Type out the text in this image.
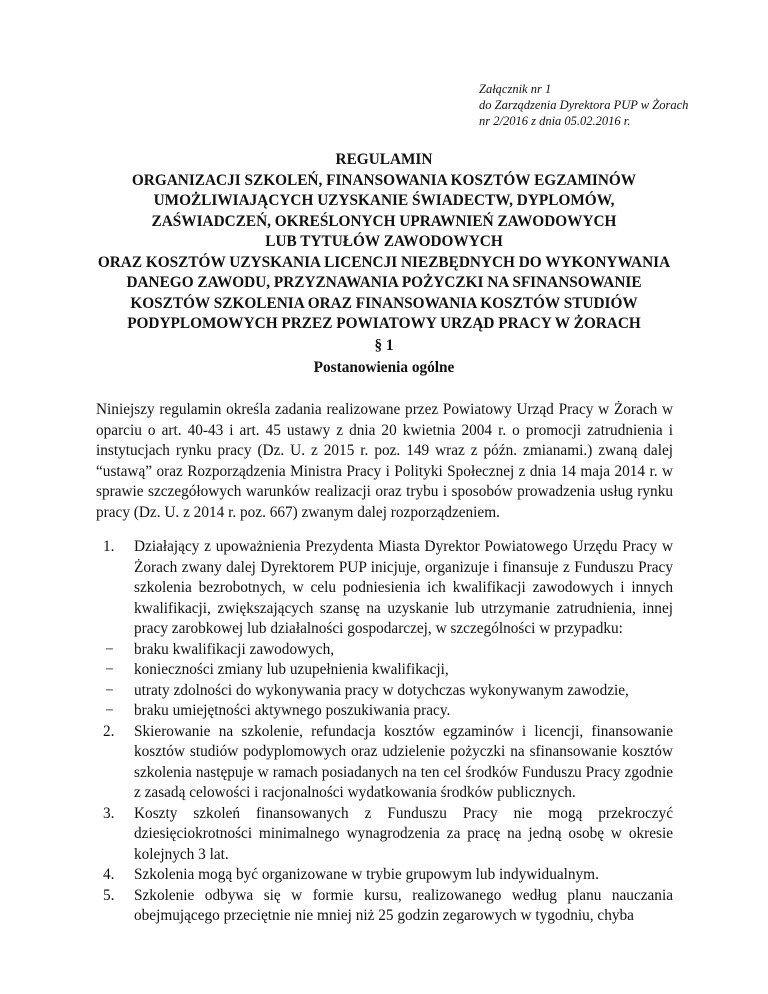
Załącznik nr 1
do Zarządzenia Dyrektora PUP w Żorach
nr 2/2016 z dnia 05.02.2016 r.
REGULAMIN
ORGANIZACJI SZKOLEŃ, FINANSOWANIA KOSZTÓW EGZAMINÓW
UMOŻLIWIAJĄCYCH UZYSKANIE ŚWIADECTW, DYPLOMÓW,
ZAŚWIADCZEŃ, OKREŚLONYCH UPRAWNIEŃ ZAWODOWYCH
LUB TYTUŁÓW ZAWODOWYCH
ORAZ KOSZTÓW UZYSKANIA LICENCJI NIEZBĘDNYCH DO WYKONYWANIA
DANEGO ZAWODU, PRZYZNAWANIA POŻYCZKI NA SFINANSOWANIE
KOSZTÓW SZKOLENIA ORAZ FINANSOWANIA KOSZTÓW STUDIÓW
PODYPLOMOWYCH PRZEZ POWIATOWY URZĄD PRACY W ŻORACH
§ 1
Postanowienia ogólne
Niniejszy regulamin określa zadania realizowane przez Powiatowy Urząd Pracy w Żorach w oparciu o art. 40-43 i art. 45 ustawy z dnia 20 kwietnia 2004 r. o promocji zatrudnienia i instytucjach rynku pracy (Dz. U. z 2015 r. poz. 149 wraz z późn. zmianami.) zwaną dalej “ustawą” oraz Rozporządzenia Ministra Pracy i Polityki Społecznej z dnia 14 maja 2014 r. w sprawie szczegółowych warunków realizacji oraz trybu i sposobów prowadzenia usług rynku pracy (Dz. U. z 2014 r. poz. 667) zwanym dalej rozporządzeniem.
1.	Działający z upoważnienia Prezydenta Miasta Dyrektor Powiatowego Urzędu Pracy w Żorach zwany dalej Dyrektorem PUP inicjuje, organizuje i finansuje z Funduszu Pracy szkolenia bezrobotnych, w celu podniesienia ich kwalifikacji zawodowych i innych kwalifikacji, zwiększających szansę na uzyskanie lub utrzymanie zatrudnienia, innej pracy zarobkowej lub działalności gospodarczej, w szczególności w przypadku:
−	braku kwalifikacji zawodowych,
−	konieczności zmiany lub uzupełnienia kwalifikacji,
−	utraty zdolności do wykonywania pracy w dotychczas wykonywanym zawodzie,
−	braku umiejętności aktywnego poszukiwania pracy.
2.	Skierowanie na szkolenie, refundacja kosztów egzaminów i licencji, finansowanie kosztów studiów podyplomowych oraz udzielenie pożyczki na sfinansowanie kosztów szkolenia następuje w ramach posiadanych na ten cel środków Funduszu Pracy zgodnie z zasadą celowości i racjonalności wydatkowania środków publicznych.
3.	Koszty szkoleń finansowanych z Funduszu Pracy nie mogą przekroczyć dziesięciokrotności minimalnego wynagrodzenia za pracę na jedną osobę w okresie kolejnych 3 lat.
4.	Szkolenia mogą być organizowane w trybie grupowym lub indywidualnym.
5.	Szkolenie odbywa się w formie kursu, realizowanego według planu nauczania obejmującego przeciętnie nie mniej niż 25 godzin zegarowych w tygodniu, chyba
